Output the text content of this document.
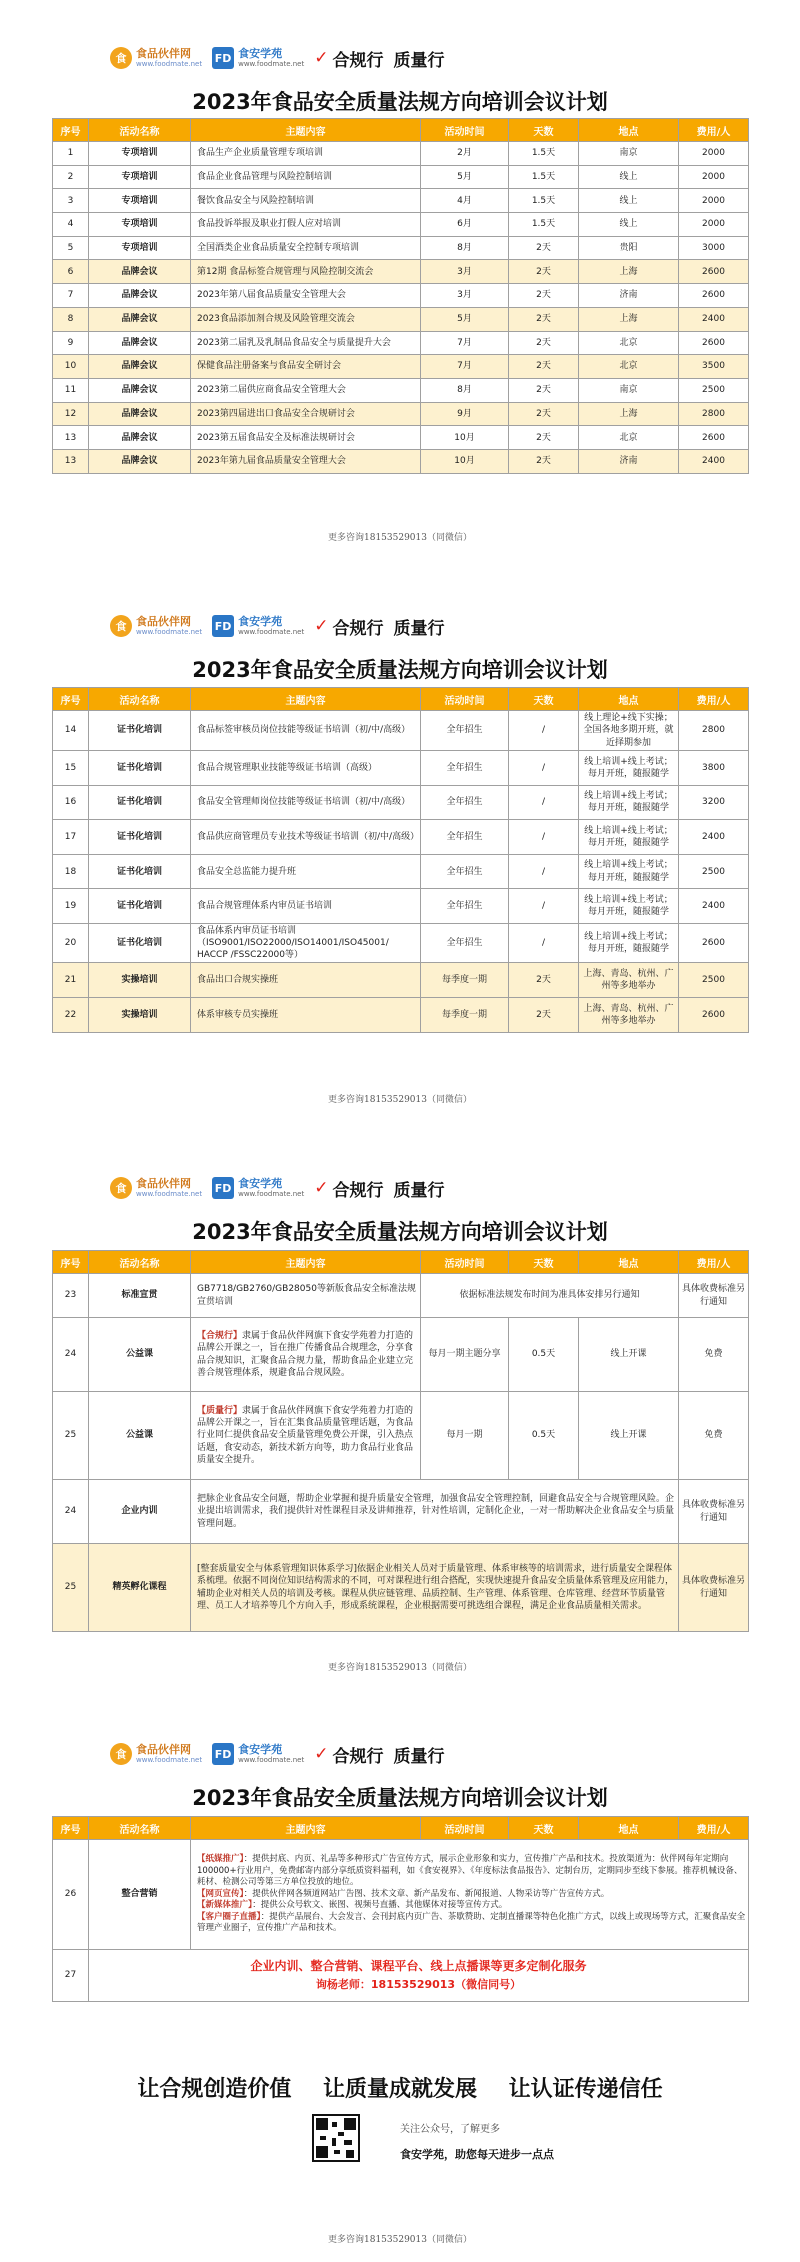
食 食品伙伴网
www.foodmate.net FD 食安学苑
www.foodmate.net ✓ 合规行 质量行
2023年食品安全质量法规方向培训会议计划
序号	活动名称	主题内容	活动时间	天数	地点	费用/人
1	专项培训	食品生产企业质量管理专项培训	2月	1.5天	南京	2000
2	专项培训	食品企业食品管理与风险控制培训	5月	1.5天	线上	2000
3	专项培训	餐饮食品安全与风险控制培训	4月	1.5天	线上	2000
4	专项培训	食品投诉举报及职业打假人应对培训	6月	1.5天	线上	2000
5	专项培训	全国酒类企业食品质量安全控制专项培训	8月	2天	贵阳	3000
6	品牌会议	第12期 食品标签合规管理与风险控制交流会	3月	2天	上海	2600
7	品牌会议	2023年第八届食品质量安全管理大会	3月	2天	济南	2600
8	品牌会议	2023食品添加剂合规及风险管理交流会	5月	2天	上海	2400
9	品牌会议	2023第二届乳及乳制品食品安全与质量提升大会	7月	2天	北京	2600
10	品牌会议	保健食品注册备案与食品安全研讨会	7月	2天	北京	3500
11	品牌会议	2023第二届供应商食品安全管理大会	8月	2天	南京	2500
12	品牌会议	2023第四届进出口食品安全合规研讨会	9月	2天	上海	2800
13	品牌会议	2023第五届食品安全及标准法规研讨会	10月	2天	北京	2600
13	品牌会议	2023年第九届食品质量安全管理大会	10月	2天	济南	2400
更多咨询18153529013（同微信）
食 食品伙伴网
www.foodmate.net FD 食安学苑
www.foodmate.net ✓ 合规行 质量行
2023年食品安全质量法规方向培训会议计划
序号	活动名称	主题内容	活动时间	天数	地点	费用/人
14	证书化培训	食品标签审核员岗位技能等级证书培训（初/中/高级）	全年招生	/	线上理论+线下实操；全国各地多期开班，就近择期参加	2800
15	证书化培训	食品合规管理职业技能等级证书培训（高级）	全年招生	/	线上培训+线上考试；每月开班，随报随学	3800
16	证书化培训	食品安全管理师岗位技能等级证书培训（初/中/高级）	全年招生	/	线上培训+线上考试；每月开班，随报随学	3200
17	证书化培训	食品供应商管理员专业技术等级证书培训（初/中/高级）	全年招生	/	线上培训+线上考试；每月开班，随报随学	2400
18	证书化培训	食品安全总监能力提升班	全年招生	/	线上培训+线上考试；每月开班，随报随学	2500
19	证书化培训	食品合规管理体系内审员证书培训	全年招生	/	线上培训+线上考试；每月开班，随报随学	2400
20	证书化培训	食品体系内审员证书培训（ISO9001/ISO22000/ISO14001/ISO45001/ HACCP /FSSC22000等）	全年招生	/	线上培训+线上考试；每月开班，随报随学	2600
21	实操培训	食品出口合规实操班	每季度一期	2天	上海、青岛、杭州、广州等多地举办	2500
22	实操培训	体系审核专员实操班	每季度一期	2天	上海、青岛、杭州、广州等多地举办	2600
更多咨询18153529013（同微信）
食 食品伙伴网
www.foodmate.net FD 食安学苑
www.foodmate.net ✓ 合规行 质量行
2023年食品安全质量法规方向培训会议计划
序号	活动名称	主题内容	活动时间	天数	地点	费用/人
23	标准宣贯	GB7718/GB2760/GB28050等新版食品安全标准法规宣贯培训	依据标准法规发布时间为准具体安排另行通知			具体收费标准另行通知
24	公益课	【合规行】隶属于食品伙伴网旗下食安学苑着力打造的品牌公开课之一，旨在推广传播食品合规理念，分享食品合规知识，汇聚食品合规力量，帮助食品企业建立完善合规管理体系，规避食品合规风险。	每月一期主题分享	0.5天	线上开课	免费
25	公益课	【质量行】隶属于食品伙伴网旗下食安学苑着力打造的品牌公开课之一，旨在汇集食品质量管理话题，为食品行业同仁提供食品安全质量管理免费公开课，引入热点话题，食安动态，新技术新方向等，助力食品行业食品质量安全提升。	每月一期	0.5天	线上开课	免费
24	企业内训	把脉企业食品安全问题，帮助企业掌握和提升质量安全管理，加强食品安全管理控制，回避食品安全与合规管理风险。企业提出培训需求，我们提供针对性课程目录及讲师推荐，针对性培训，定制化企业，一对一帮助解决企业食品安全与质量管理问题。				具体收费标准另行通知
25	精英孵化课程	[整套质量安全与体系管理知识体系学习]依据企业相关人员对于质量管理、体系审核等的培训需求，进行质量安全课程体系梳理。依据不同岗位知识结构需求的不同，可对课程进行组合搭配，实现快速提升食品安全质量体系管理及应用能力，辅助企业对相关人员的培训及考核。课程从供应链管理、品质控制、生产管理、体系管理、仓库管理、经营环节质量管理、员工人才培养等几个方向入手，形成系统课程，企业根据需要可挑选组合课程，满足企业食品质量相关需求。				具体收费标准另行通知
更多咨询18153529013（同微信）
食 食品伙伴网
www.foodmate.net FD 食安学苑
www.foodmate.net ✓ 合规行 质量行
2023年食品安全质量法规方向培训会议计划
序号	活动名称	主题内容	活动时间	天数	地点	费用/人
26	整合营销	【纸媒推广】：提供封底、内页、礼品等多种形式广告宣传方式，展示企业形象和实力，宣传推广产品和技术。投放渠道为：伙伴网每年定期向100000+行业用户，免费邮寄内部分享纸质资料福利，如《食安视界》、《年度标法食品报告》、定制台历，定期同步至线下参展。推荐机械设备、耗材、检测公司等第三方单位投放的地位。
【网页宣传】：提供伙伴网各频道网站广告图、技术文章、新产品发布、新闻报道、人物采访等广告宣传方式。
【新媒体推广】：提供公众号软文、嵌图、视频号直播、其他媒体对接等宣传方式。
【客户圈子直播】：提供产品展台、大会发言、会刊封底内页广告、茶歇赞助、定制直播课等特色化推广方式，以线上或现场等方式，汇聚食品安全管理产业圈子，宣传推广产品和技术。				

27	企业内训、整合营销、课程平台、线上点播课等更多定制化服务
询杨老师：18153529013（微信同号）					
让合规创造价值 让质量成就发展 让认证传递信任
关注公众号，了解更多
食安学苑，助您每天进步一点点
更多咨询18153529013（同微信）
